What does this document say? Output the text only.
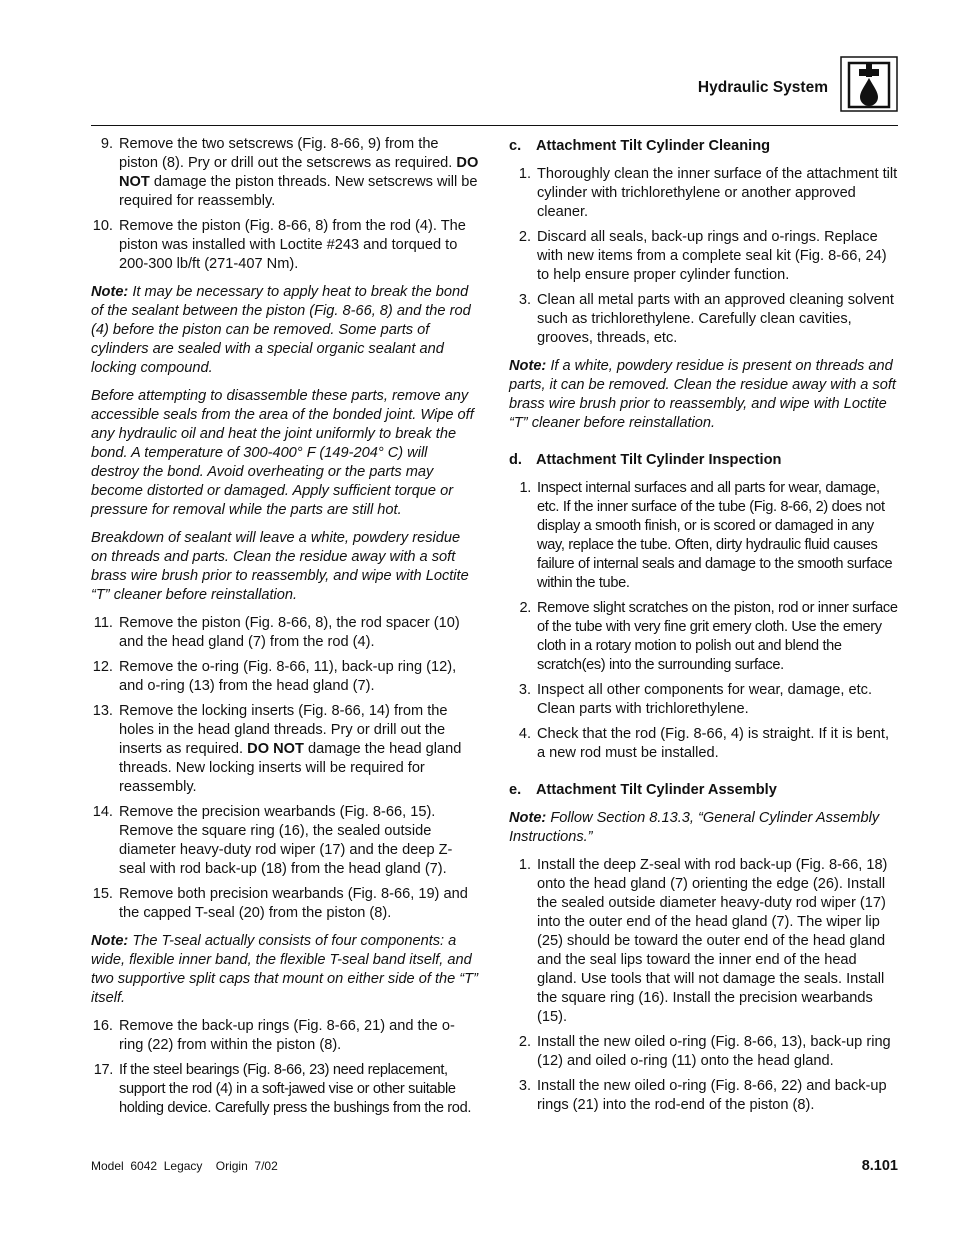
Hydraulic System
9. Remove the two setscrews (Fig. 8-66, 9) from the piston (8). Pry or drill out the setscrews as required. DO NOT damage the piston threads. New setscrews will be required for reassembly.
10. Remove the piston (Fig. 8-66, 8) from the rod (4). The piston was installed with Loctite #243 and torqued to 200-300 lb/ft (271-407 Nm).
Note: It may be necessary to apply heat to break the bond of the sealant between the piston (Fig. 8-66, 8) and the rod (4) before the piston can be removed. Some parts of cylinders are sealed with a special organic sealant and locking compound.
Before attempting to disassemble these parts, remove any accessible seals from the area of the bonded joint. Wipe off any hydraulic oil and heat the joint uniformly to break the bond. A temperature of 300-400° F (149-204° C) will destroy the bond. Avoid overheating or the parts may become distorted or damaged. Apply sufficient torque or pressure for removal while the parts are still hot.
Breakdown of sealant will leave a white, powdery residue on threads and parts. Clean the residue away with a soft brass wire brush prior to reassembly, and wipe with Loctite “T” cleaner before reinstallation.
11. Remove the piston (Fig. 8-66, 8), the rod spacer (10) and the head gland (7) from the rod (4).
12. Remove the o-ring (Fig. 8-66, 11), back-up ring (12), and o-ring (13) from the head gland (7).
13. Remove the locking inserts (Fig. 8-66, 14) from the holes in the head gland threads. Pry or drill out the inserts as required. DO NOT damage the head gland threads. New locking inserts will be required for reassembly.
14. Remove the precision wearbands (Fig. 8-66, 15). Remove the square ring (16), the sealed outside diameter heavy-duty rod wiper (17) and the deep Z-seal with rod back-up (18) from the head gland (7).
15. Remove both precision wearbands (Fig. 8-66, 19) and the capped T-seal (20) from the piston (8).
Note: The T-seal actually consists of four components: a wide, flexible inner band, the flexible T-seal band itself, and two supportive split caps that mount on either side of the “T” itself.
16. Remove the back-up rings (Fig. 8-66, 21) and the o-ring (22) from within the piston (8).
17. If the steel bearings (Fig. 8-66, 23) need replacement, support the rod (4) in a soft-jawed vise or other suitable holding device. Carefully press the bushings from the rod.
c. Attachment Tilt Cylinder Cleaning
1. Thoroughly clean the inner surface of the attachment tilt cylinder with trichlorethylene or another approved cleaner.
2. Discard all seals, back-up rings and o-rings. Replace with new items from a complete seal kit (Fig. 8-66, 24) to help ensure proper cylinder function.
3. Clean all metal parts with an approved cleaning solvent such as trichlorethylene. Carefully clean cavities, grooves, threads, etc.
Note: If a white, powdery residue is present on threads and parts, it can be removed. Clean the residue away with a soft brass wire brush prior to reassembly, and wipe with Loctite “T” cleaner before reinstallation.
d. Attachment Tilt Cylinder Inspection
1. Inspect internal surfaces and all parts for wear, damage, etc. If the inner surface of the tube (Fig. 8-66, 2) does not display a smooth finish, or is scored or damaged in any way, replace the tube. Often, dirty hydraulic fluid causes failure of internal seals and damage to the smooth surface within the tube.
2. Remove slight scratches on the piston, rod or inner surface of the tube with very fine grit emery cloth. Use the emery cloth in a rotary motion to polish out and blend the scratch(es) into the surrounding surface.
3. Inspect all other components for wear, damage, etc. Clean parts with trichlorethylene.
4. Check that the rod (Fig. 8-66, 4) is straight. If it is bent, a new rod must be installed.
e. Attachment Tilt Cylinder Assembly
Note: Follow Section 8.13.3, “General Cylinder Assembly Instructions.”
1. Install the deep Z-seal with rod back-up (Fig. 8-66, 18) onto the head gland (7) orienting the edge (26). Install the sealed outside diameter heavy-duty rod wiper (17) into the outer end of the head gland (7). The wiper lip (25) should be toward the outer end of the head gland and the seal lips toward the inner end of the head gland. Use tools that will not damage the seals. Install the square ring (16). Install the precision wearbands (15).
2. Install the new oiled o-ring (Fig. 8-66, 13), back-up ring (12) and oiled o-ring (11) onto the head gland.
3. Install the new oiled o-ring (Fig. 8-66, 22) and back-up rings (21) into the rod-end of the piston (8).
Model  6042  Legacy    Origin  7/02	8.101
